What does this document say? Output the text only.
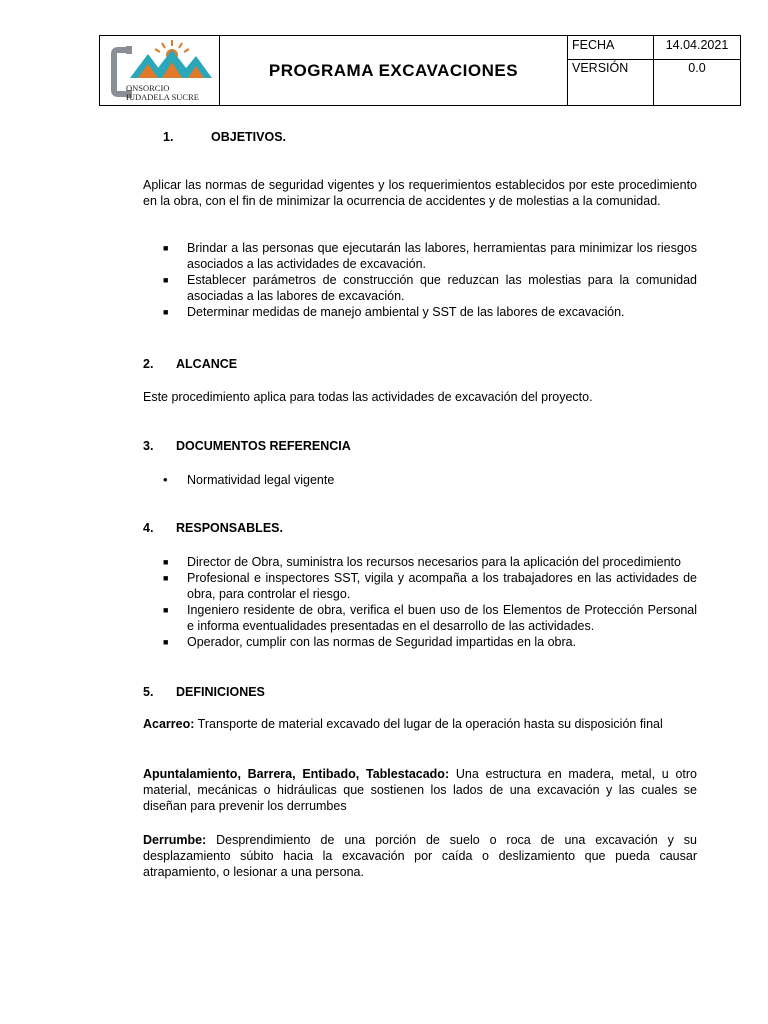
ONSORCIO
IUDADELA SUCRE
PROGRAMA EXCAVACIONES
FECHA	14.04.2021
VERSIÓN	0.0
1.	OBJETIVOS.
Aplicar las normas de seguridad vigentes y los requerimientos establecidos por este procedimiento en la obra, con el fin de minimizar la ocurrencia de accidentes y de molestias a la comunidad.
■ Brindar a las personas que ejecutarán las labores, herramientas para minimizar los riesgos asociados a las actividades de excavación.
■ Establecer parámetros de construcción que reduzcan las molestias para la comunidad asociadas a las labores de excavación.
■ Determinar medidas de manejo ambiental y SST de las labores de excavación.
2. ALCANCE
Este procedimiento aplica para todas las actividades de excavación del proyecto.
3. DOCUMENTOS REFERENCIA
• Normatividad legal vigente
4. RESPONSABLES.
■ Director de Obra, suministra los recursos necesarios para la aplicación del procedimiento
■ Profesional e inspectores SST, vigila y acompaña a los trabajadores en las actividades de obra, para controlar el riesgo.
■ Ingeniero residente de obra, verifica el buen uso de los Elementos de Protección Personal e informa eventualidades presentadas en el desarrollo de las actividades.
■ Operador, cumplir con las normas de Seguridad impartidas en la obra.
5. DEFINICIONES
Acarreo: Transporte de material excavado del lugar de la operación hasta su disposición final
Apuntalamiento, Barrera, Entibado, Tablestacado: Una estructura en madera, metal, u otro material, mecánicas o hidráulicas que sostienen los lados de una excavación y las cuales se diseñan para prevenir los derrumbes
Derrumbe: Desprendimiento de una porción de suelo o roca de una excavación y su desplazamiento súbito hacia la excavación por caída o deslizamiento que pueda causar atrapamiento, o lesionar a una persona.
